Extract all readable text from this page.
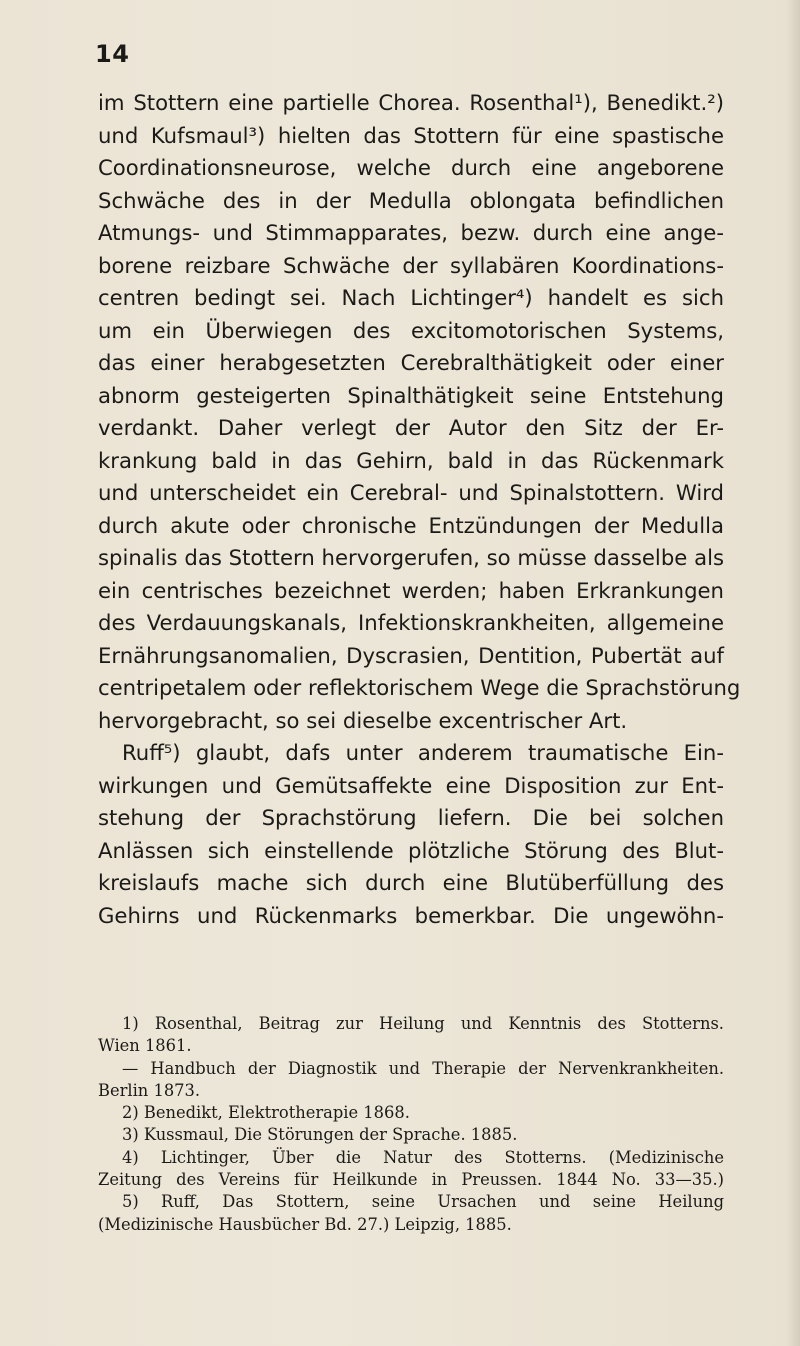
14
im Stottern eine partielle Chorea. Rosenthal¹), Benedikt.²)
und Kufsmaul³) hielten das Stottern für eine spastische
Coordinationsneurose, welche durch eine angeborene
Schwäche des in der Medulla oblongata befindlichen
Atmungs- und Stimmapparates, bezw. durch eine ange-
borene reizbare Schwäche der syllabären Koordinations-
centren bedingt sei. Nach Lichtinger⁴) handelt es sich
um ein Überwiegen des excitomotorischen Systems,
das einer herabgesetzten Cerebralthätigkeit oder einer
abnorm gesteigerten Spinalthätigkeit seine Entstehung
verdankt. Daher verlegt der Autor den Sitz der Er-
krankung bald in das Gehirn, bald in das Rückenmark
und unterscheidet ein Cerebral- und Spinalstottern. Wird
durch akute oder chronische Entzündungen der Medulla
spinalis das Stottern hervorgerufen, so müsse dasselbe als
ein centrisches bezeichnet werden; haben Erkrankungen
des Verdauungskanals, Infektionskrankheiten, allgemeine
Ernährungsanomalien, Dyscrasien, Dentition, Pubertät auf
centripetalem oder reflektorischem Wege die Sprachstörung
hervorgebracht, so sei dieselbe excentrischer Art.
Ruff⁵) glaubt, dafs unter anderem traumatische Ein-
wirkungen und Gemütsaffekte eine Disposition zur Ent-
stehung der Sprachstörung liefern. Die bei solchen
Anlässen sich einstellende plötzliche Störung des Blut-
kreislaufs mache sich durch eine Blutüberfüllung des
Gehirns und Rückenmarks bemerkbar. Die ungewöhn-
1) Rosenthal, Beitrag zur Heilung und Kenntnis des Stotterns.
Wien 1861.
— Handbuch der Diagnostik und Therapie der Nervenkrankheiten.
Berlin 1873.
2) Benedikt, Elektrotherapie 1868.
3) Kussmaul, Die Störungen der Sprache. 1885.
4) Lichtinger, Über die Natur des Stotterns. (Medizinische
Zeitung des Vereins für Heilkunde in Preussen. 1844 No. 33—35.)
5) Ruff, Das Stottern, seine Ursachen und seine Heilung
(Medizinische Hausbücher Bd. 27.) Leipzig, 1885.
